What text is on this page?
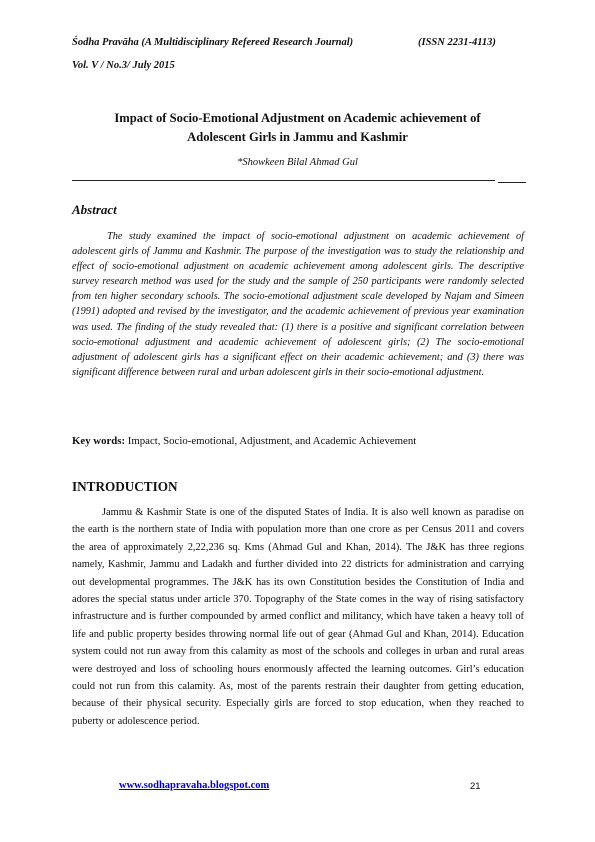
Śodha Pravāha (A Multidisciplinary Refereed Research Journal)	(ISSN 2231-4113)
Vol. V / No.3/ July 2015
Impact of Socio-Emotional Adjustment on Academic achievement of
Adolescent Girls in Jammu and Kashmir
*Showkeen Bilal Ahmad Gul
Abstract

The study examined the impact of socio-emotional adjustment on academic achievement of adolescent girls of Jammu and Kashmir. The purpose of the investigation was to study the relationship and effect of socio-emotional adjustment on academic achievement among adolescent girls. The descriptive survey research method was used for the study and the sample of 250 participants were randomly selected from ten higher secondary schools. The socio-emotional adjustment scale developed by Najam and Simeen (1991) adopted and revised by the investigator, and the academic achievement of previous year examination was used. The finding of the study revealed that: (1) there is a positive and significant correlation between socio-emotional adjustment and academic achievement of adolescent girls; (2) The socio-emotional adjustment of adolescent girls has a significant effect on their academic achievement; and (3) there was significant difference between rural and urban adolescent girls in their socio-emotional adjustment.

Key words: Impact, Socio-emotional, Adjustment, and Academic Achievement
INTRODUCTION

Jammu & Kashmir State is one of the disputed States of India. It is also well known as paradise on the earth is the northern state of India with population more than one crore as per Census 2011 and covers the area of approximately 2,22,236 sq. Kms (Ahmad Gul and Khan, 2014). The J&K has three regions namely, Kashmir, Jammu and Ladakh and further divided into 22 districts for administration and carrying out developmental programmes. The J&K has its own Constitution besides the Constitution of India and adores the special status under article 370. Topography of the State comes in the way of rising satisfactory infrastructure and is further compounded by armed conflict and militancy, which have taken a heavy toll of life and public property besides throwing normal life out of gear (Ahmad Gul and Khan, 2014). Education system could not run away from this calamity as most of the schools and colleges in urban and rural areas were destroyed and loss of schooling hours enormously affected the learning outcomes. Girl’s education could not run from this calamity. As, most of the parents restrain their daughter from getting education, because of their physical security. Especially girls are forced to stop education, when they reached to puberty or adolescence period.

www.sodhapravaha.blogspot.com	21
